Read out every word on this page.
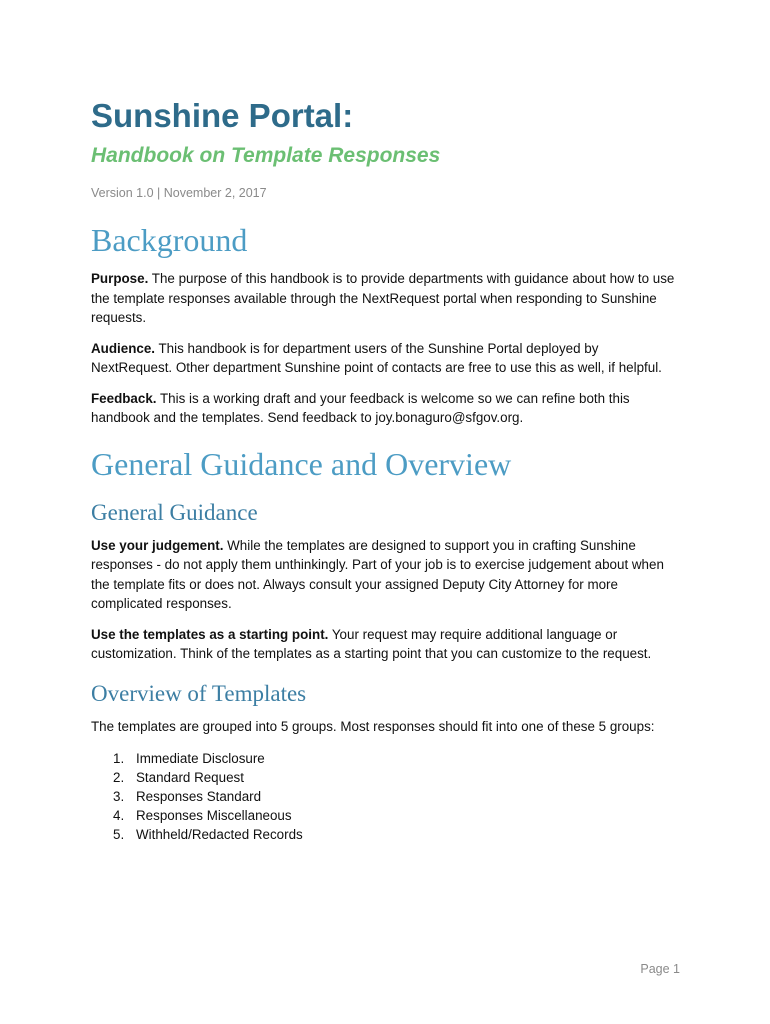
Sunshine Portal:
Handbook on Template Responses
Version 1.0 | November 2, 2017
Background

Purpose. The purpose of this handbook is to provide departments with guidance about how to use the template responses available through the NextRequest portal when responding to Sunshine requests.

Audience. This handbook is for department users of the Sunshine Portal deployed by NextRequest. Other department Sunshine point of contacts are free to use this as well, if helpful.

Feedback. This is a working draft and your feedback is welcome so we can refine both this handbook and the templates. Send feedback to joy.bonaguro@sfgov.org.

General Guidance and Overview
General Guidance

Use your judgement. While the templates are designed to support you in crafting Sunshine responses - do not apply them unthinkingly. Part of your job is to exercise judgement about when the template fits or does not. Always consult your assigned Deputy City Attorney for more complicated responses.

Use the templates as a starting point. Your request may require additional language or customization. Think of the templates as a starting point that you can customize to the request.

Overview of Templates

The templates are grouped into 5 groups. Most responses should fit into one of these 5 groups:

1. Immediate Disclosure
2. Standard Request
3. Responses Standard
4. Responses Miscellaneous
5. Withheld/Redacted Records
Page 1
